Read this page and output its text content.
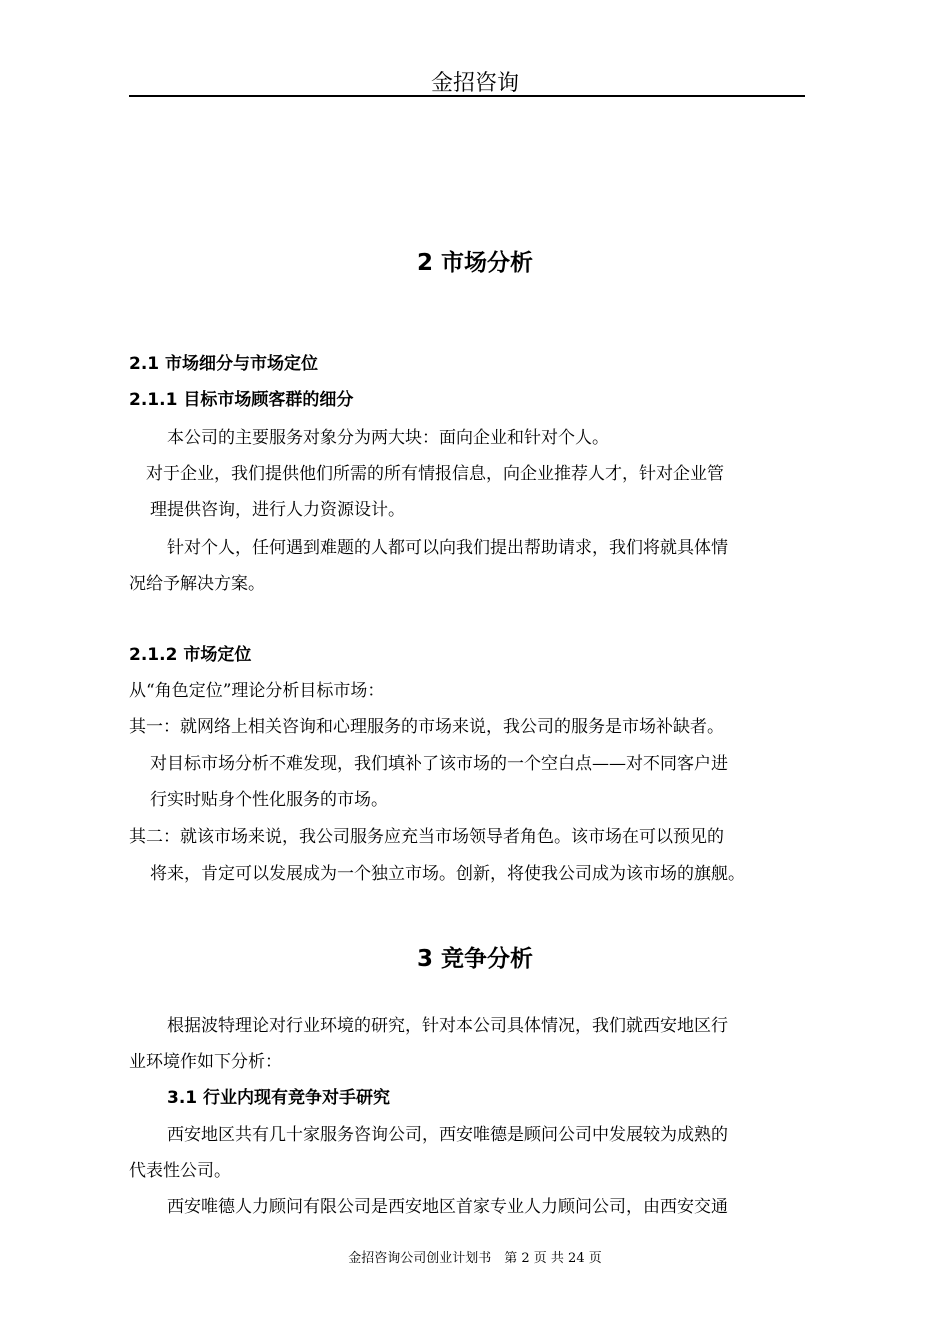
金招咨询
2 市场分析
2.1 市场细分与市场定位
2.1.1 目标市场顾客群的细分
本公司的主要服务对象分为两大块：面向企业和针对个人。
对于企业，我们提供他们所需的所有情报信息，向企业推荐人才，针对企业管
理提供咨询，进行人力资源设计。
针对个人，任何遇到难题的人都可以向我们提出帮助请求，我们将就具体情
况给予解决方案。
2.1.2 市场定位
从“角色定位”理论分析目标市场：
其一：就网络上相关咨询和心理服务的市场来说，我公司的服务是市场补缺者。
对目标市场分析不难发现，我们填补了该市场的一个空白点——对不同客户进
行实时贴身个性化服务的市场。
其二：就该市场来说，我公司服务应充当市场领导者角色。该市场在可以预见的
将来，肯定可以发展成为一个独立市场。创新，将使我公司成为该市场的旗舰。
3 竞争分析
根据波特理论对行业环境的研究，针对本公司具体情况，我们就西安地区行
业环境作如下分析：
3.1 行业内现有竞争对手研究
西安地区共有几十家服务咨询公司，西安唯德是顾问公司中发展较为成熟的
代表性公司。
西安唯德人力顾问有限公司是西安地区首家专业人力顾问公司，由西安交通
金招咨询公司创业计划书　第 2 页 共 24 页
